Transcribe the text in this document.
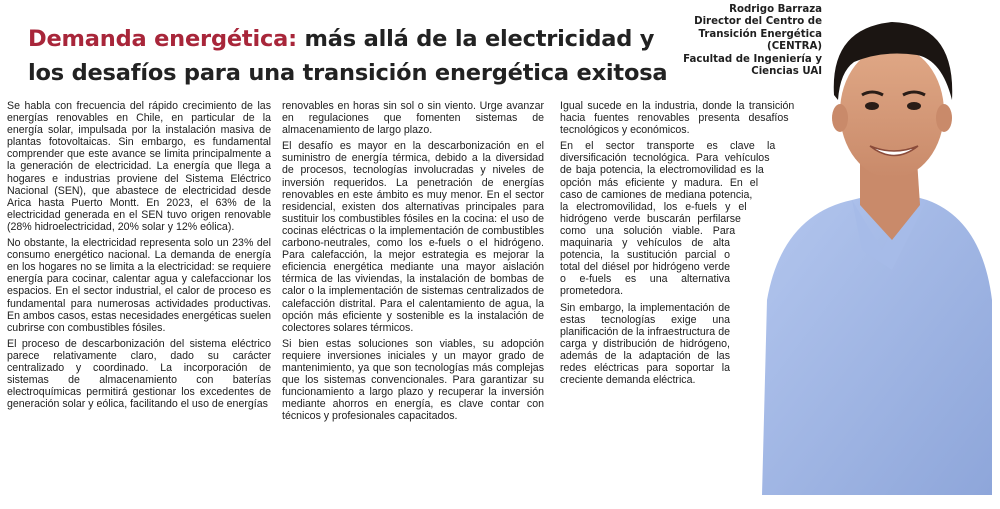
Demanda energética: más allá de la electricidad y los desafíos para una transición energética exitosa
Rodrigo Barraza
Director del Centro de
Transición Energética
(CENTRA)
Facultad de Ingeniería y
Ciencias UAI

Se habla con frecuencia del rápido crecimiento de las energías renovables en Chile, en particular de la energía solar, impulsada por la instalación masiva de plantas fotovoltaicas. Sin embargo, es fundamental comprender que este avance se limita principalmente a la generación de electricidad. La energía que llega a hogares e industrias proviene del Sistema Eléctrico Nacional (SEN), que abastece de electricidad desde Arica hasta Puerto Montt. En 2023, el 63% de la electricidad generada en el SEN tuvo origen renovable (28% hidroelectricidad, 20% solar y 12% eólica).

No obstante, la electricidad representa solo un 23% del consumo energético nacional. La demanda de energía en los hogares no se limita a la electricidad: se requiere energía para cocinar, calentar agua y calefaccionar los espacios. En el sector industrial, el calor de proceso es fundamental para numerosas actividades productivas. En ambos casos, estas necesidades energéticas suelen cubrirse con combustibles fósiles.

El proceso de descarbonización del sistema eléctrico parece relativamente claro, dado su carácter centralizado y coordinado. La incorporación de sistemas de almacenamiento con baterías electroquímicas permitirá gestionar los excedentes de generación solar y eólica, facilitando el uso de energías

renovables en horas sin sol o sin viento. Urge avanzar en regulaciones que fomenten sistemas de almacenamiento de largo plazo.

El desafío es mayor en la descarbonización en el suministro de energía térmica, debido a la diversidad de procesos, tecnologías involucradas y niveles de inversión requeridos. La penetración de energías renovables en este ámbito es muy menor. En el sector residencial, existen dos alternativas principales para sustituir los combustibles fósiles en la cocina: el uso de cocinas eléctricas o la implementación de combustibles carbono-neutrales, como los e-fuels o el hidrógeno. Para calefacción, la mejor estrategia es mejorar la eficiencia energética mediante una mayor aislación térmica de las viviendas, la instalación de bombas de calor o la implementación de sistemas centralizados de calefacción distrital. Para el calentamiento de agua, la opción más eficiente y sostenible es la instalación de colectores solares térmicos.

Si bien estas soluciones son viables, su adopción requiere inversiones iniciales y un mayor grado de mantenimiento, ya que son tecnologías más complejas que los sistemas convencionales. Para garantizar su funcionamiento a largo plazo y recuperar la inversión mediante ahorros en energía, es clave contar con técnicos y profesionales capacitados.

Igual sucede en la industria, donde la transición hacia fuentes renovables presenta desafíos tecnológicos y económicos.

En el sector transporte es clave la diversificación tecnológica. Para vehículos de baja potencia, la electromovilidad es la opción más eficiente y madura. En el caso de camiones de mediana potencia, la electromovilidad, los e-fuels y el hidrógeno verde buscarán perfilarse como una solución viable. Para maquinaria y vehículos de alta potencia, la sustitución parcial o total del diésel por hidrógeno verde o e-fuels es una alternativa prometedora.

Sin embargo, la implementación de estas tecnologías exige una planificación de la infraestructura de carga y distribución de hidrógeno, además de la adaptación de las redes eléctricas para soportar la creciente demanda eléctrica.
